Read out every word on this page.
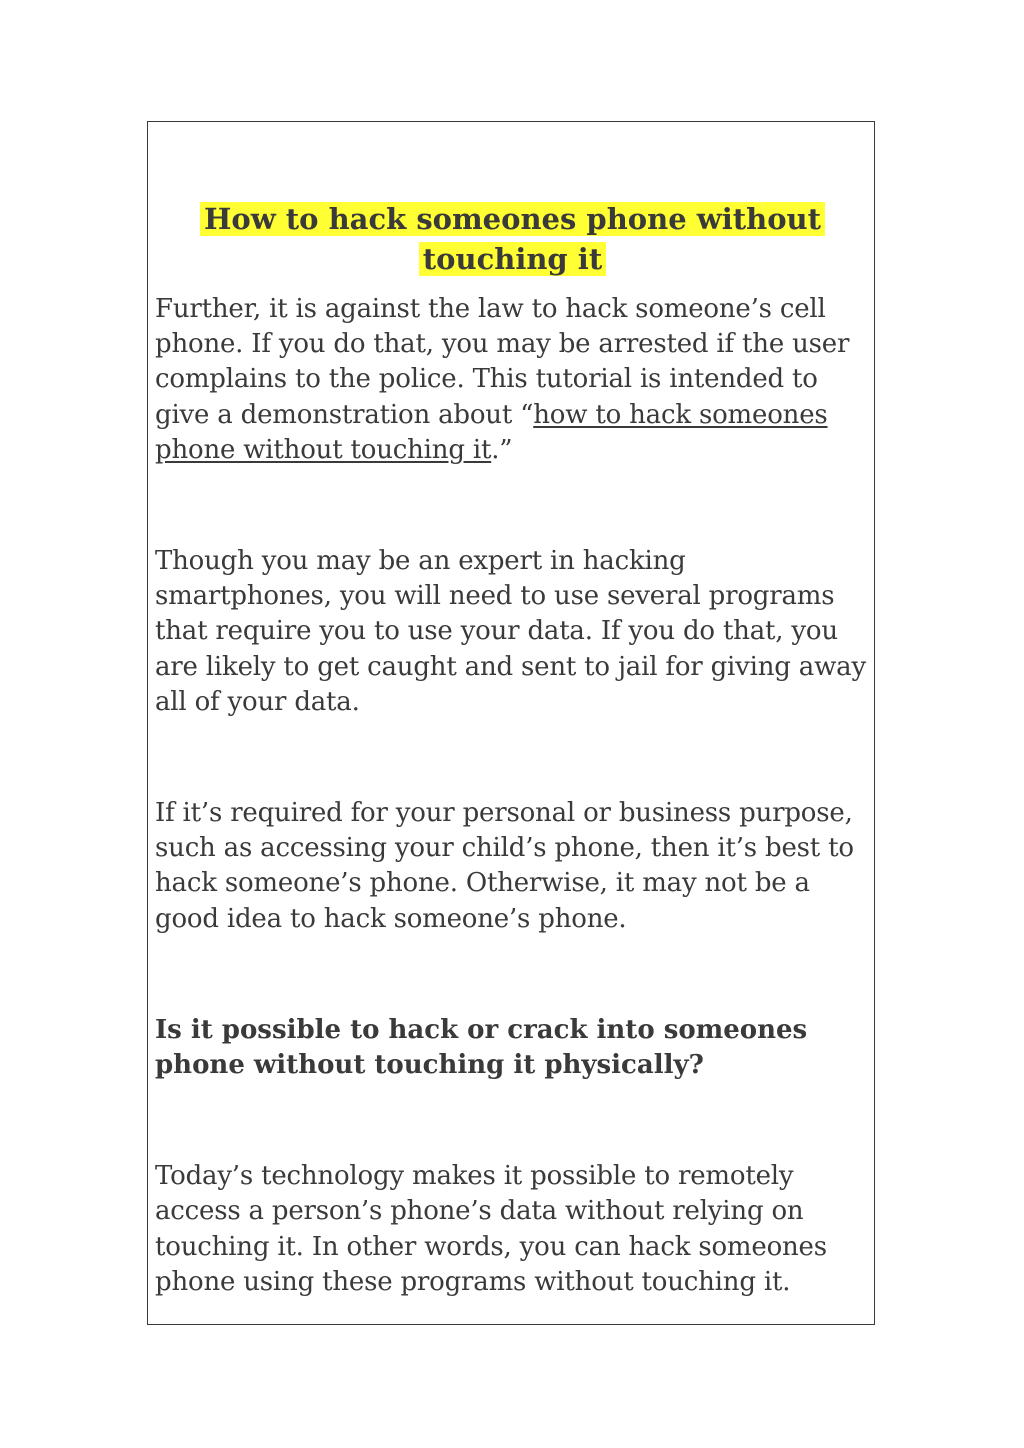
How to hack someones phone without touching it

Further, it is against the law to hack someone’s cell phone. If you do that, you may be arrested if the user complains to the police. This tutorial is intended to give a demonstration about “how to hack someones phone without touching it.”

Though you may be an expert in hacking smartphones, you will need to use several programs that require you to use your data. If you do that, you are likely to get caught and sent to jail for giving away all of your data.

If it’s required for your personal or business purpose, such as accessing your child’s phone, then it’s best to hack someone’s phone. Otherwise, it may not be a good idea to hack someone’s phone.

Is it possible to hack or crack into someones phone without touching it physically?

Today’s technology makes it possible to remotely access a person’s phone’s data without relying on touching it. In other words, you can hack someones phone using these programs without touching it.
